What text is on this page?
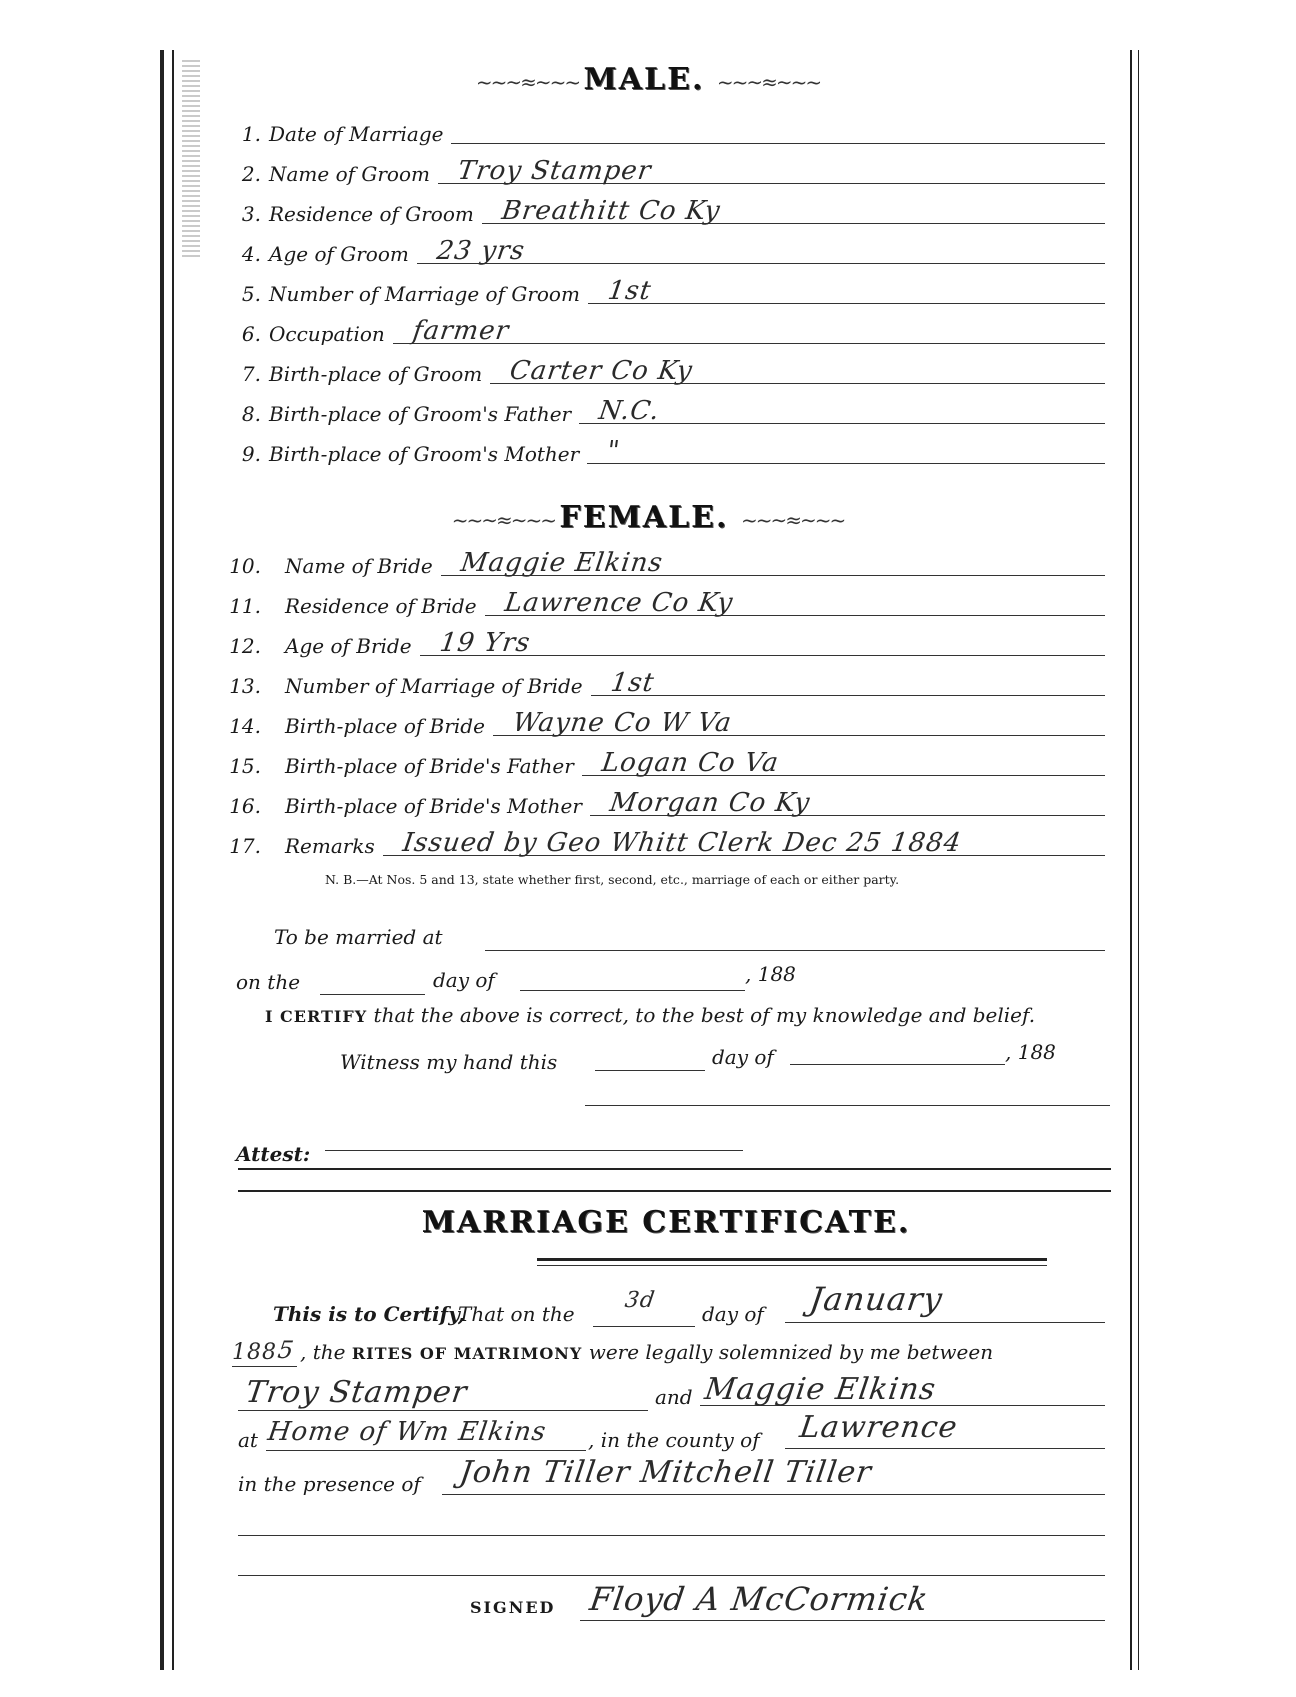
~~∼≈∼~~ MALE. ~~∼≈∼~~
1. Date of Marriage
2. Name of Groom Troy Stamper
3. Residence of Groom Breathitt Co Ky
4. Age of Groom 23 yrs
5. Number of Marriage of Groom 1st
6. Occupation farmer
7. Birth-place of Groom Carter Co Ky
8. Birth-place of Groom's Father N.C.
9. Birth-place of Groom's Mother "
~~∼≈∼~~ FEMALE. ~~∼≈∼~~
10. Name of Bride Maggie Elkins
11. Residence of Bride Lawrence Co Ky
12. Age of Bride 19 Yrs
13. Number of Marriage of Bride 1st
14. Birth-place of Bride Wayne Co W Va
15. Birth-place of Bride's Father Logan Co Va
16. Birth-place of Bride's Mother Morgan Co Ky
17. Remarks Issued by Geo Whitt Clerk Dec 25 1884
N. B.—At Nos. 5 and 13, state whether first, second, etc., marriage of each or either party.
To be married at
on the	day of	, 188
I CERTIFY that the above is correct, to the best of my knowledge and belief.
Witness my hand this	day of	, 188
Attest:
MARRIAGE CERTIFICATE.
This is to Certify,
That on the
3d
day of January
188 5 , the RITES OF MATRIMONY were legally solemnized by me between
Troy Stamper	and Maggie Elkins
at Home of Wm Elkins , in the county of Lawrence
in the presence of John Tiller Mitchell Tiller
SIGNED Floyd A McCormick
